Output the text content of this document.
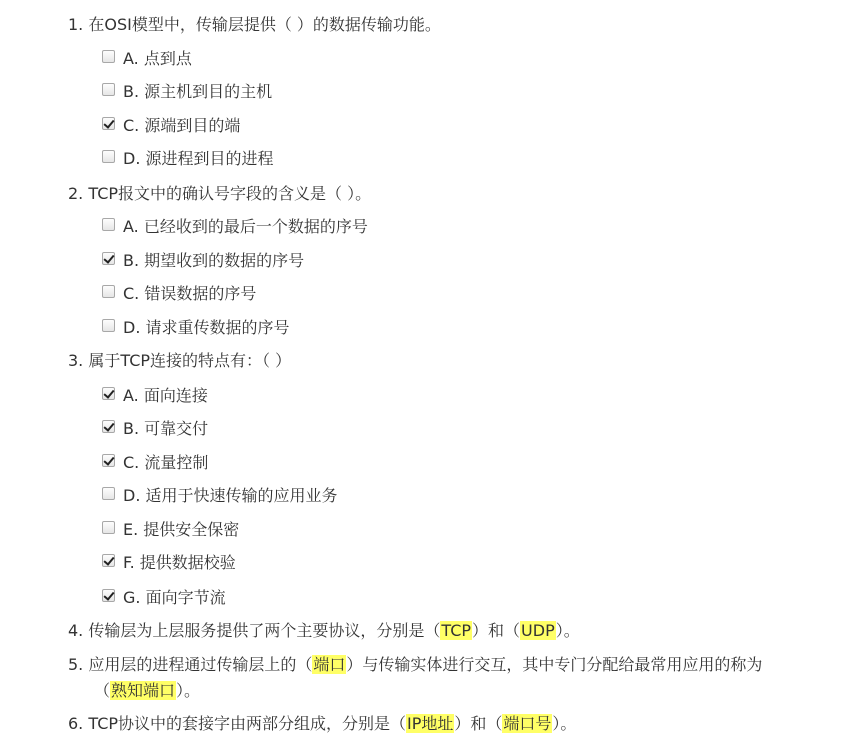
1. 在OSI模型中，传输层提供（ ）的数据传输功能。
A. 点到点
B. 源主机到目的主机
C. 源端到目的端
D. 源进程到目的进程
2. TCP报文中的确认号字段的含义是（ ）。
A. 已经收到的最后一个数据的序号
B. 期望收到的数据的序号
C. 错误数据的序号
D. 请求重传数据的序号
3. 属于TCP连接的特点有：（ ）
A. 面向连接
B. 可靠交付
C. 流量控制
D. 适用于快速传输的应用业务
E. 提供安全保密
F. 提供数据校验
G. 面向字节流
4. 传输层为上层服务提供了两个主要协议，分别是（TCP）和（UDP）。
5. 应用层的进程通过传输层上的（端口）与传输实体进行交互，其中专门分配给最常用应用的称为
（熟知端口）。
6. TCP协议中的套接字由两部分组成，分别是（IP地址）和（端口号）。
